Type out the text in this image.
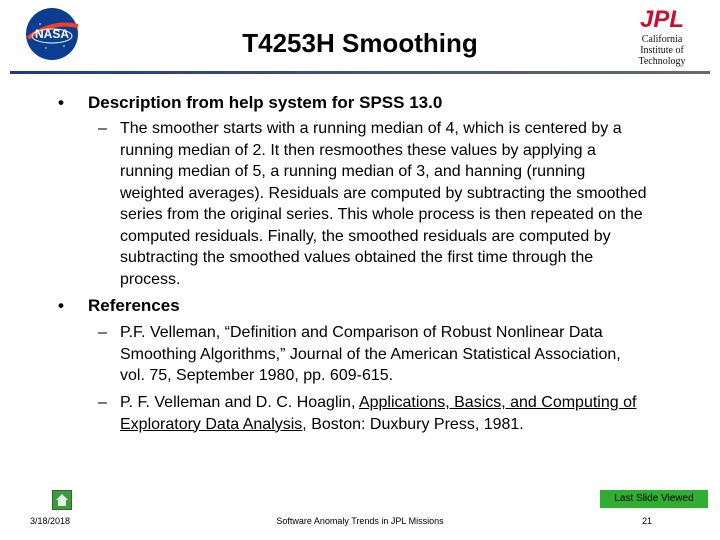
NASA	T4253H Smoothing
JPL
California
Institute of
Technology
• Description from help system for SPSS 13.0
– The smoother starts with a running median of 4, which is centered by a running median of 2. It then resmoothes these values by applying a running median of 5, a running median of 3, and hanning (running weighted averages). Residuals are computed by subtracting the smoothed series from the original series. This whole process is then repeated on the computed residuals. Finally, the smoothed residuals are computed by subtracting the smoothed values obtained the first time through the process.
• References
– P.F. Velleman, “Definition and Comparison of Robust Nonlinear Data Smoothing Algorithms,” Journal of the American Statistical Association, vol. 75, September 1980, pp. 609-615.
– P. F. Velleman and D. C. Hoaglin, Applications, Basics, and Computing of Exploratory Data Analysis, Boston: Duxbury Press, 1981.
Last Slide Viewed
3/18/2018	Software Anomaly Trends in JPL Missions	21
